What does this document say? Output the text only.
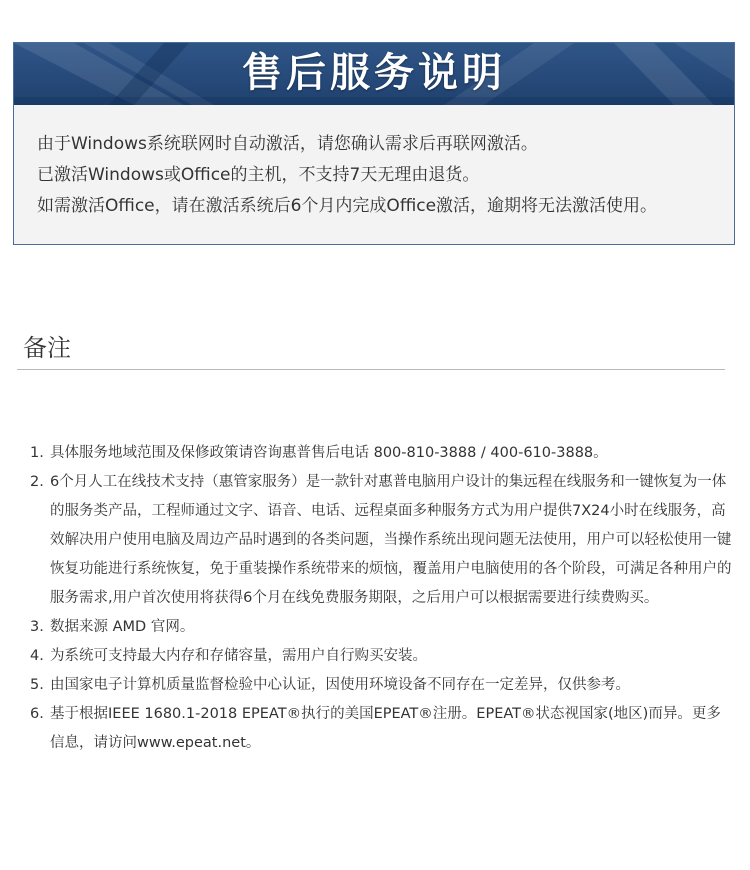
售后服务说明
由于Windows系统联网时自动激活，请您确认需求后再联网激活。
已激活Windows或Office的主机，不支持7天无理由退货。
如需激活Office，请在激活系统后6个月内完成Office激活，逾期将无法激活使用。
备注
1. 具体服务地域范围及保修政策请咨询惠普售后电话 800-810-3888 / 400-610-3888。
2. 6个月人工在线技术支持（惠管家服务）是一款针对惠普电脑用户设计的集远程在线服务和一键恢复为一体的服务类产品，工程师通过文字、语音、电话、远程桌面多种服务方式为用户提供7X24小时在线服务，高效解决用户使用电脑及周边产品时遇到的各类问题，当操作系统出现问题无法使用，用户可以轻松使用一键恢复功能进行系统恢复，免于重装操作系统带来的烦恼，覆盖用户电脑使用的各个阶段，可满足各种用户的服务需求,用户首次使用将获得6个月在线免费服务期限，之后用户可以根据需要进行续费购买。
3. 数据来源 AMD 官网。
4. 为系统可支持最大内存和存储容量，需用户自行购买安装。
5. 由国家电子计算机质量监督检验中心认证，因使用环境设备不同存在一定差异，仅供参考。
6. 基于根据IEEE 1680.1-2018 EPEAT®执行的美国EPEAT®注册。EPEAT®状态视国家(地区)而异。更多信息，请访问www.epeat.net。
